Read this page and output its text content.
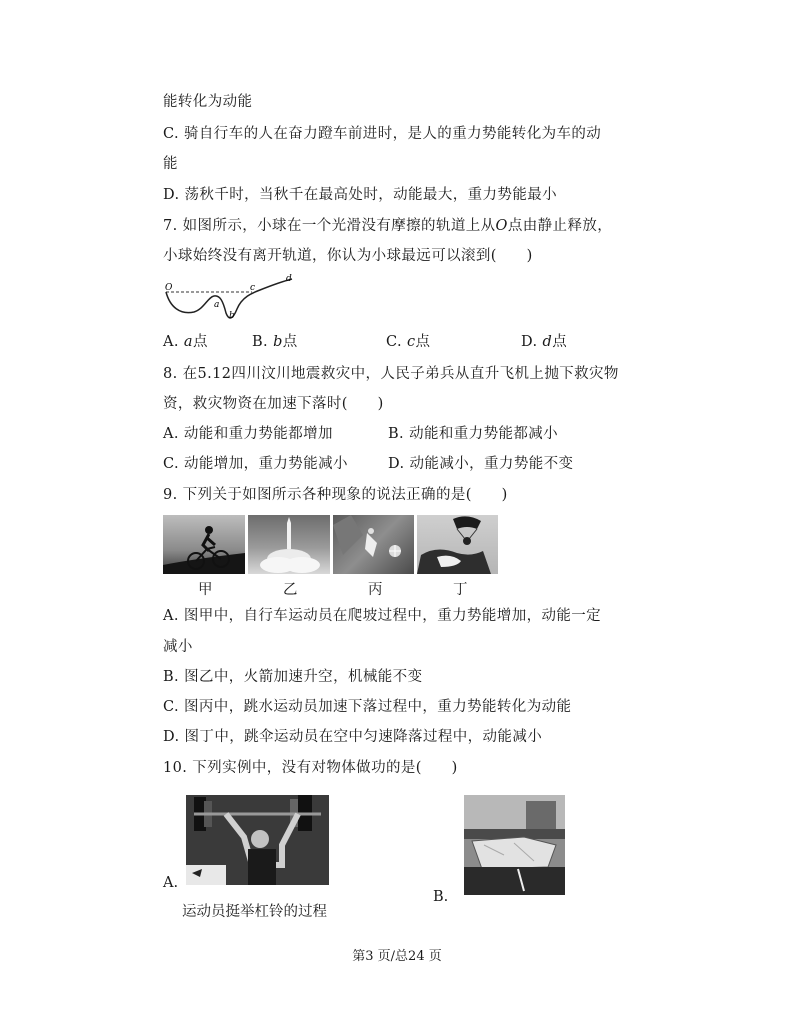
能转化为动能
C. 骑自行车的人在奋力蹬车前进时，是人的重力势能转化为车的动
能
D. 荡秋千时，当秋千在最高处时，动能最大，重力势能最小
7. 如图所示，小球在一个光滑没有摩擦的轨道上从O点由静止释放，
小球始终没有离开轨道，你认为小球最远可以滚到(　　)
O
a
b
c
d
A. a点	B. b点	C. c点	D. d点
8. 在5.12四川汶川地震救灾中，人民子弟兵从直升飞机上抛下救灾物
资，救灾物资在加速下落时(　　)
A. 动能和重力势能都增加	B. 动能和重力势能都减小
C. 动能增加，重力势能减小	D. 动能减小，重力势能不变
9. 下列关于如图所示各种现象的说法正确的是(　　)
甲	乙	丙	丁
A. 图甲中，自行车运动员在爬坡过程中，重力势能增加，动能一定
减小
B. 图乙中，火箭加速升空，机械能不变
C. 图丙中，跳水运动员加速下落过程中，重力势能转化为动能
D. 图丁中，跳伞运动员在空中匀速降落过程中，动能减小
10. 下列实例中，没有对物体做功的是(　　)
A.
运动员挺举杠铃的过程
B.
第3 页/总24 页
